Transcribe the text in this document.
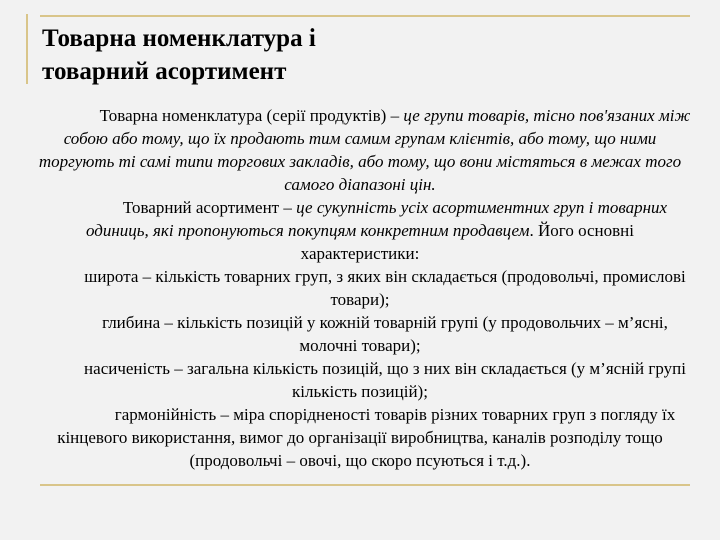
Товарна номенклатура і
товарний асортимент

Товарна номенклатура (серії продуктів) – це групи товарів, тісно пов'язаних між собою або тому, що їх продають тим самим групам клієнтів, або тому, що ними торгують ті самі типи торгових закладів, або тому, що вони містяться в межах того самого діапазоні цін.

Товарний асортимент – це сукупність усіх асортиментних груп і товарних одиниць, які пропонуються покупцям конкретним продавцем. Його основні характеристики:

широта – кількість товарних груп, з яких він складається (продовольчі, промислові товари);

глибина – кількість позицій у кожній товарній групі (у продовольчих – м’ясні, молочні товари);

насиченість – загальна кількість позицій, що з них він складається (у м’ясній групі кількість позицій);

гармонійність – міра спорідненості товарів різних товарних груп з погляду їх кінцевого використання, вимог до організації виробництва, каналів розподілу тощо (продовольчі – овочі, що скоро псуються і т.д.).
